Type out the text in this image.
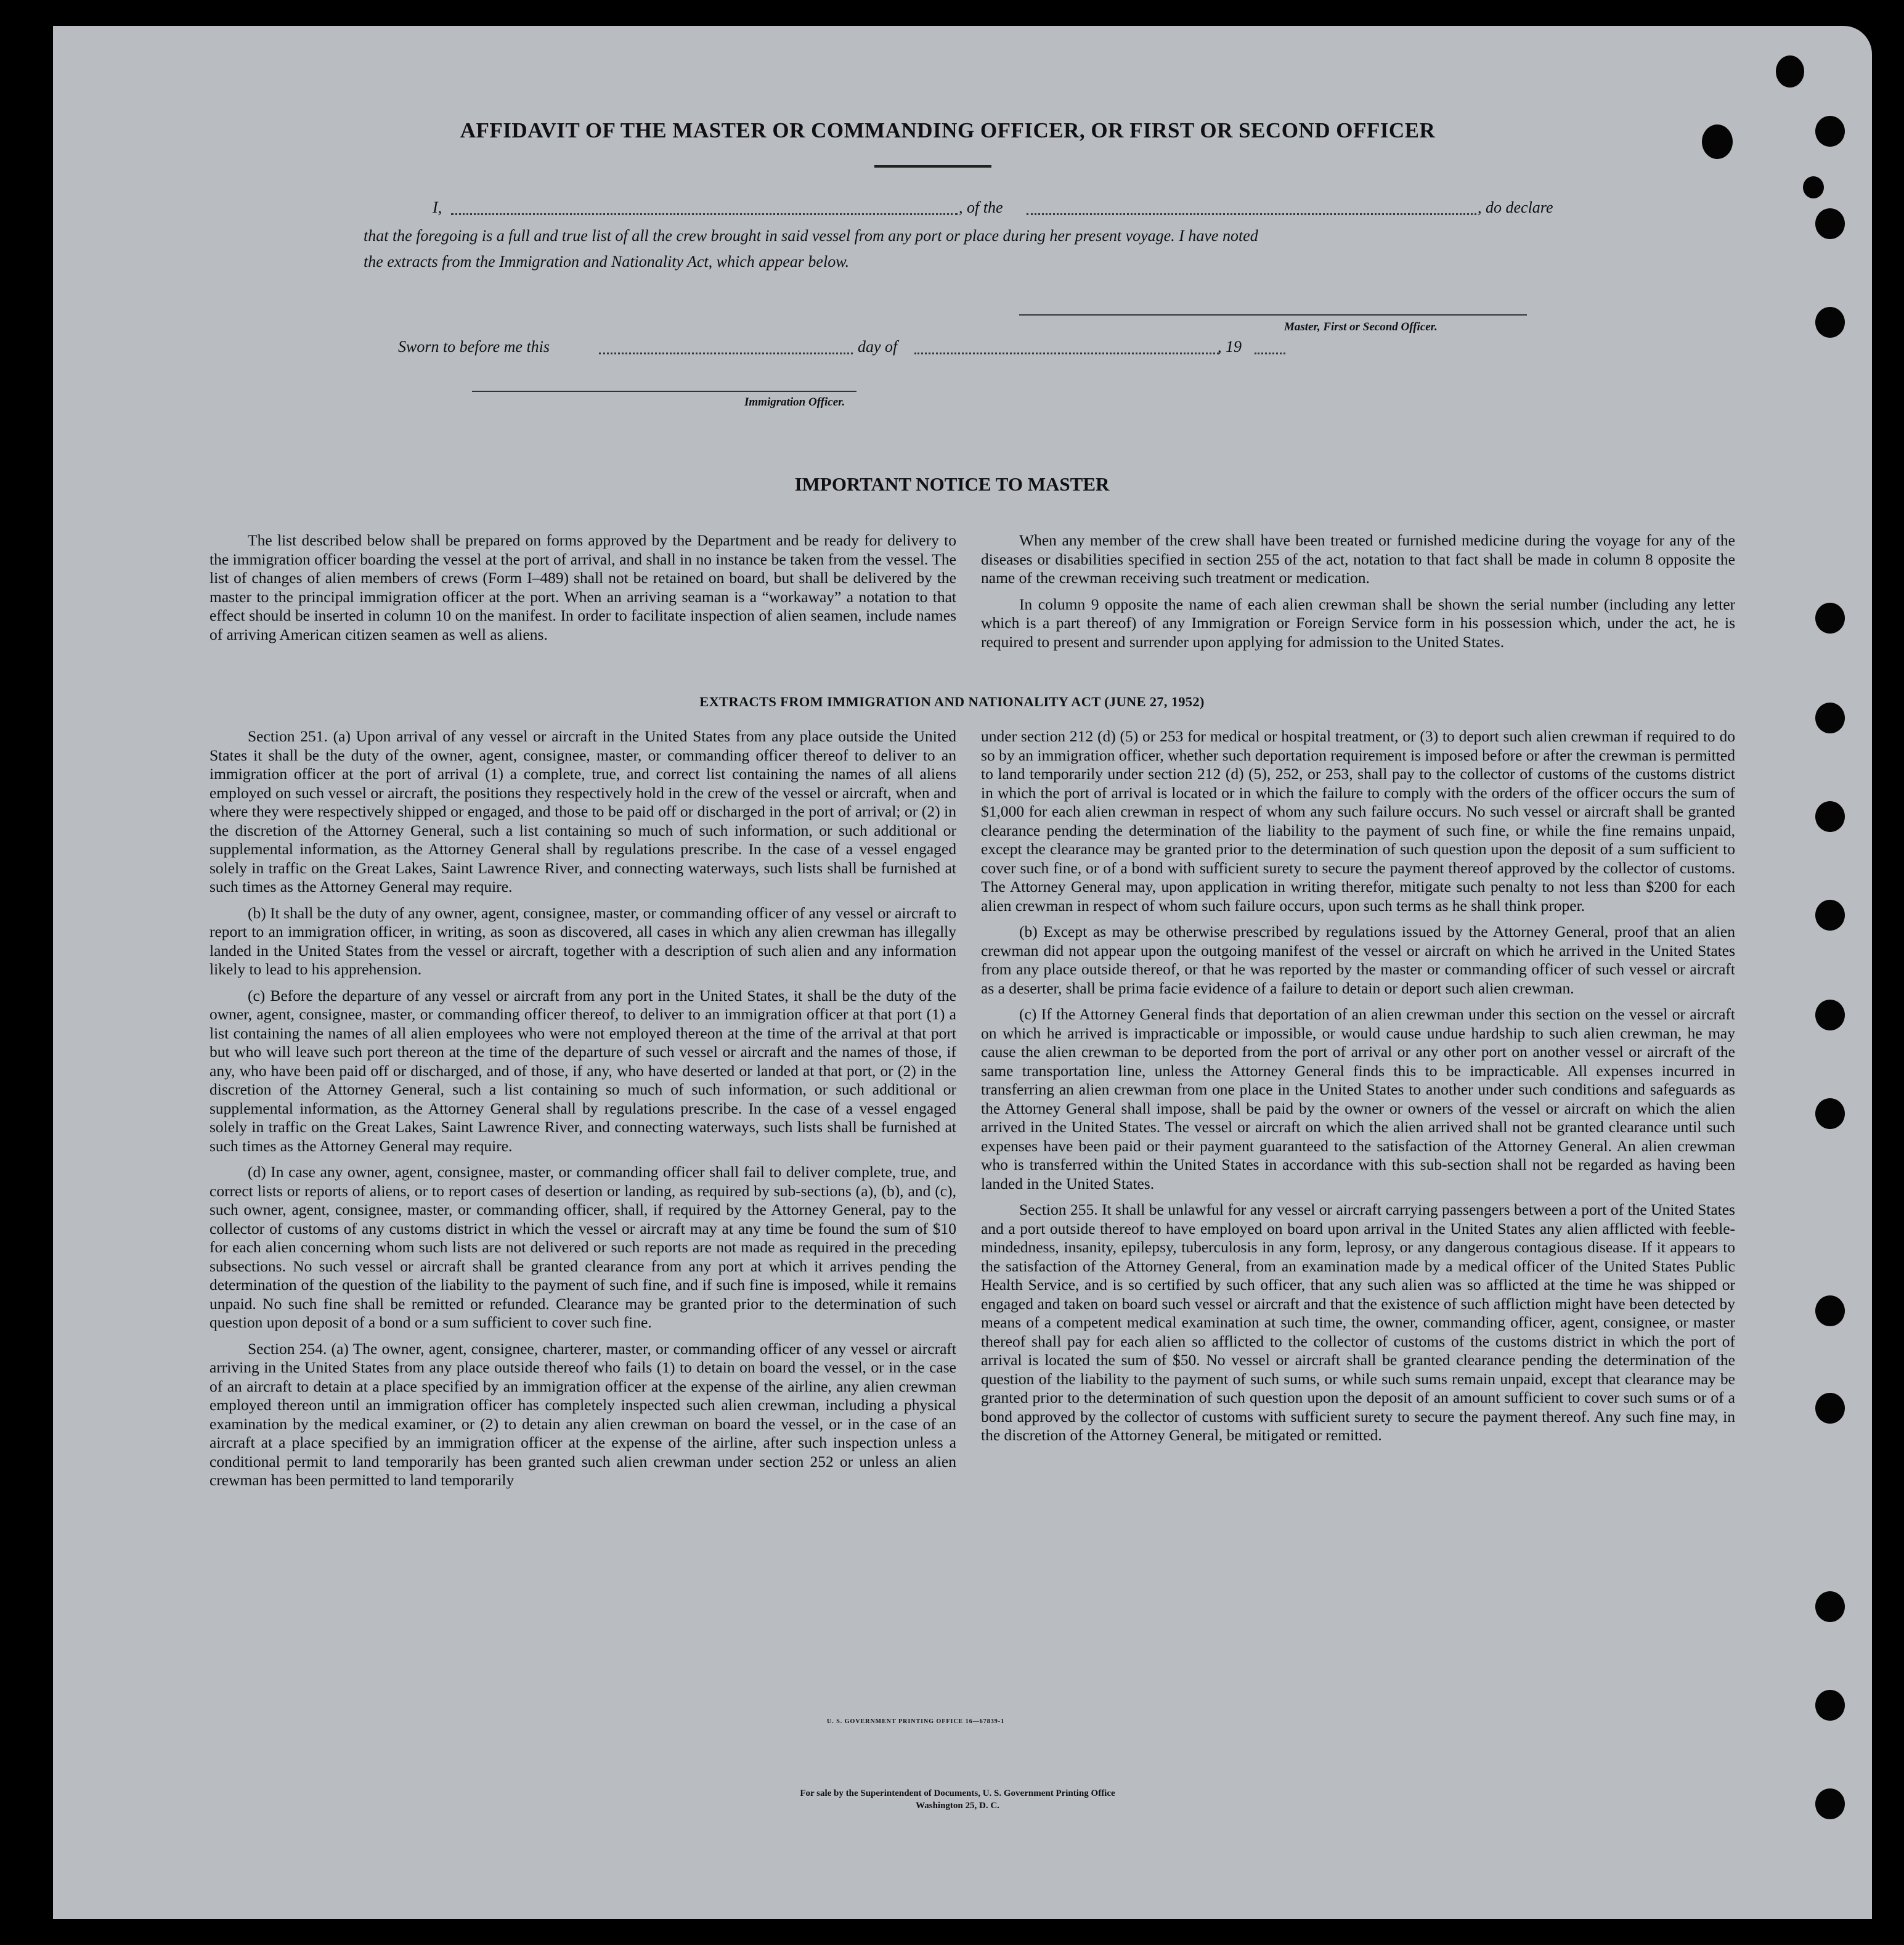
AFFIDAVIT OF THE MASTER OR COMMANDING OFFICER, OR FIRST OR SECOND OFFICER
I,	, of the	, do declare
that the foregoing is a full and true list of all the crew brought in said vessel from any port or place during her present voyage. I have noted
the extracts from the Immigration and Nationality Act, which appear below.
Master, First or Second Officer.
Sworn to before me this	day of	, 19
Immigration Officer.
IMPORTANT NOTICE TO MASTER

The list described below shall be prepared on forms approved by the Department and be ready for delivery to the immigration officer boarding the vessel at the port of arrival, and shall in no instance be taken from the vessel. The list of changes of alien members of crews (Form I–489) shall not be retained on board, but shall be delivered by the master to the principal immigration officer at the port. When an arriving seaman is a “workaway” a notation to that effect should be inserted in column 10 on the manifest. In order to facilitate inspection of alien seamen, include names of arriving American citizen seamen as well as aliens.

When any member of the crew shall have been treated or furnished medicine during the voyage for any of the diseases or disabilities specified in section 255 of the act, notation to that fact shall be made in column 8 opposite the name of the crewman receiving such treatment or medication.

In column 9 opposite the name of each alien crewman shall be shown the serial number (including any letter which is a part thereof) of any Immigration or Foreign Service form in his possession which, under the act, he is required to present and surrender upon applying for admission to the United States.

EXTRACTS FROM IMMIGRATION AND NATIONALITY ACT (JUNE 27, 1952)

Section 251. (a) Upon arrival of any vessel or aircraft in the United States from any place outside the United States it shall be the duty of the owner, agent, consignee, master, or commanding officer thereof to deliver to an immigration officer at the port of arrival (1) a complete, true, and correct list containing the names of all aliens employed on such vessel or aircraft, the positions they respectively hold in the crew of the vessel or aircraft, when and where they were respectively shipped or engaged, and those to be paid off or discharged in the port of arrival; or (2) in the discretion of the Attorney General, such a list containing so much of such information, or such additional or supplemental information, as the Attorney General shall by regulations prescribe. In the case of a vessel engaged solely in traffic on the Great Lakes, Saint Lawrence River, and connecting waterways, such lists shall be furnished at such times as the Attorney General may require.

(b) It shall be the duty of any owner, agent, consignee, master, or commanding officer of any vessel or aircraft to report to an immigration officer, in writing, as soon as discovered, all cases in which any alien crewman has illegally landed in the United States from the vessel or aircraft, together with a description of such alien and any information likely to lead to his apprehension.

(c) Before the departure of any vessel or aircraft from any port in the United States, it shall be the duty of the owner, agent, consignee, master, or commanding officer thereof, to deliver to an immigration officer at that port (1) a list containing the names of all alien employees who were not employed thereon at the time of the arrival at that port but who will leave such port thereon at the time of the departure of such vessel or aircraft and the names of those, if any, who have been paid off or discharged, and of those, if any, who have deserted or landed at that port, or (2) in the discretion of the Attorney General, such a list containing so much of such information, or such additional or supplemental information, as the Attorney General shall by regulations prescribe. In the case of a vessel engaged solely in traffic on the Great Lakes, Saint Lawrence River, and connecting waterways, such lists shall be furnished at such times as the Attorney General may require.

(d) In case any owner, agent, consignee, master, or commanding officer shall fail to deliver complete, true, and correct lists or reports of aliens, or to report cases of desertion or landing, as required by sub-sections (a), (b), and (c), such owner, agent, consignee, master, or commanding officer, shall, if required by the Attorney General, pay to the collector of customs of any customs district in which the vessel or aircraft may at any time be found the sum of $10 for each alien concerning whom such lists are not delivered or such reports are not made as required in the preceding subsections. No such vessel or aircraft shall be granted clearance from any port at which it arrives pending the determination of the question of the liability to the payment of such fine, and if such fine is imposed, while it remains unpaid. No such fine shall be remitted or refunded. Clearance may be granted prior to the determination of such question upon deposit of a bond or a sum sufficient to cover such fine.

Section 254. (a) The owner, agent, consignee, charterer, master, or commanding officer of any vessel or aircraft arriving in the United States from any place outside thereof who fails (1) to detain on board the vessel, or in the case of an aircraft to detain at a place specified by an immigration officer at the expense of the airline, any alien crewman employed thereon until an immigration officer has completely inspected such alien crewman, including a physical examination by the medical examiner, or (2) to detain any alien crewman on board the vessel, or in the case of an aircraft at a place specified by an immigration officer at the expense of the airline, after such inspection unless a conditional permit to land temporarily has been granted such alien crewman under section 252 or unless an alien crewman has been permitted to land temporarily

under section 212 (d) (5) or 253 for medical or hospital treatment, or (3) to deport such alien crewman if required to do so by an immigration officer, whether such deportation requirement is imposed before or after the crewman is permitted to land temporarily under section 212 (d) (5), 252, or 253, shall pay to the collector of customs of the customs district in which the port of arrival is located or in which the failure to comply with the orders of the officer occurs the sum of $1,000 for each alien crewman in respect of whom any such failure occurs. No such vessel or aircraft shall be granted clearance pending the determination of the liability to the payment of such fine, or while the fine remains unpaid, except the clearance may be granted prior to the determination of such question upon the deposit of a sum sufficient to cover such fine, or of a bond with sufficient surety to secure the payment thereof approved by the collector of customs. The Attorney General may, upon application in writing therefor, mitigate such penalty to not less than $200 for each alien crewman in respect of whom such failure occurs, upon such terms as he shall think proper.

(b) Except as may be otherwise prescribed by regulations issued by the Attorney General, proof that an alien crewman did not appear upon the outgoing manifest of the vessel or aircraft on which he arrived in the United States from any place outside thereof, or that he was reported by the master or commanding officer of such vessel or aircraft as a deserter, shall be prima facie evidence of a failure to detain or deport such alien crewman.

(c) If the Attorney General finds that deportation of an alien crewman under this section on the vessel or aircraft on which he arrived is impracticable or impossible, or would cause undue hardship to such alien crewman, he may cause the alien crewman to be deported from the port of arrival or any other port on another vessel or aircraft of the same transportation line, unless the Attorney General finds this to be impracticable. All expenses incurred in transferring an alien crewman from one place in the United States to another under such conditions and safeguards as the Attorney General shall impose, shall be paid by the owner or owners of the vessel or aircraft on which the alien arrived in the United States. The vessel or aircraft on which the alien arrived shall not be granted clearance until such expenses have been paid or their payment guaranteed to the satisfaction of the Attorney General. An alien crewman who is transferred within the United States in accordance with this sub-section shall not be regarded as having been landed in the United States.

Section 255. It shall be unlawful for any vessel or aircraft carrying passengers between a port of the United States and a port outside thereof to have employed on board upon arrival in the United States any alien afflicted with feeble-mindedness, insanity, epilepsy, tuberculosis in any form, leprosy, or any dangerous contagious disease. If it appears to the satisfaction of the Attorney General, from an examination made by a medical officer of the United States Public Health Service, and is so certified by such officer, that any such alien was so afflicted at the time he was shipped or engaged and taken on board such vessel or aircraft and that the existence of such affliction might have been detected by means of a competent medical examination at such time, the owner, commanding officer, agent, consignee, or master thereof shall pay for each alien so afflicted to the collector of customs of the customs district in which the port of arrival is located the sum of $50. No vessel or aircraft shall be granted clearance pending the determination of the question of the liability to the payment of such sums, or while such sums remain unpaid, except that clearance may be granted prior to the determination of such question upon the deposit of an amount sufficient to cover such sums or of a bond approved by the collector of customs with sufficient surety to secure the payment thereof. Any such fine may, in the discretion of the Attorney General, be mitigated or remitted.

U. S. GOVERNMENT PRINTING OFFICE 16—67839-1
For sale by the Superintendent of Documents, U. S. Government Printing Office
Washington 25, D. C.
